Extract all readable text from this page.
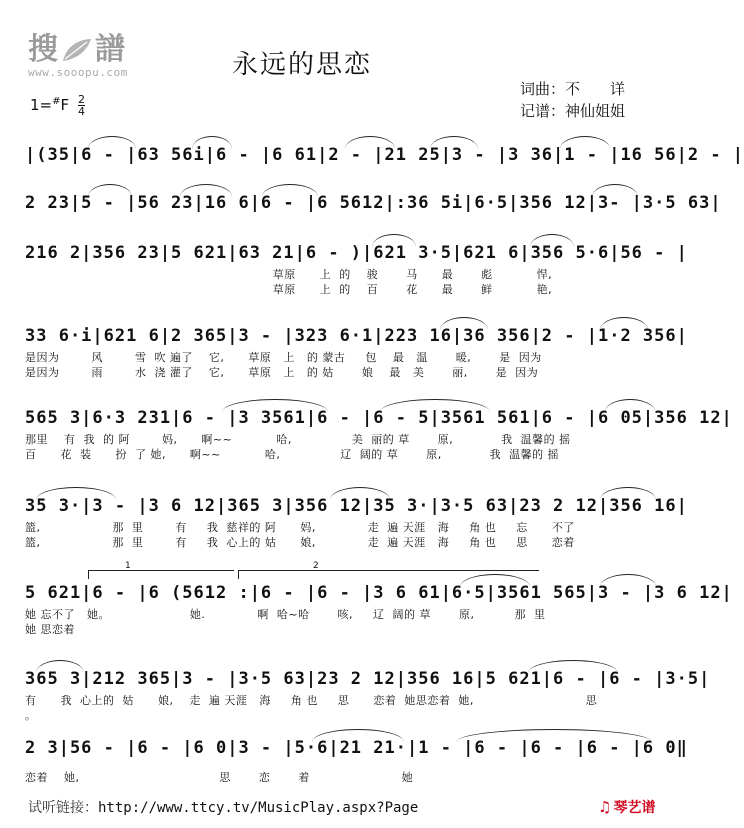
搜 譜
www.sooopu.com	永远的思恋
词曲：不　　详
记谱：神仙姐姐
$1=^{\#}F \frac{2}{4}$
|(35|6 - |63 56i|6 - |6 61|2 - |21 25|3 - |3 36|1 - |16 56|2 - |
2 23|5 - |56 23|16 6|6 - |6 5612|:36 5i|6·5|356 12|3- |3·5 63|
216 2|356 23|5 621|63 21|6 - )|621 3·5|621 6|356 5·6|56 - |
草原      上  的    骏       马      最       彪           悍,
草原      上  的    百       花      最       鲜           艳,
33 6·i|621 6|2 365|3 - |323 6·1|223 16|36 356|2 - |1·2 356|
是因为        风        雪  吹 遍了    它,      草原   上   的 蒙古     包    最   温       暖,       是  因为
是因为        雨        水  浇 灌了    它,      草原   上   的 姑       娘    最   美       丽,       是  因为
565 3|6·3 231|6 - |3 3561|6 - |6 - 5|3561 561|6 - |6 05|356 12|
那里    有  我  的 阿        妈,      啊~~           哈,               美  丽的 草       原,            我  温馨的 摇
百      花  装      扮  了 她,      啊~~           哈,               辽  阔的 草       原,            我  温馨的 摇
35 3·|3 - |3 6 12|365 3|356 12|35 3·|3·5 63|23 2 12|356 16|
篮,                  那  里        有     我  慈祥的 阿      妈,             走  遍 天涯   海     角 也     忘      不了
篮,                  那  里        有     我  心上的 姑      娘,             走  遍 天涯   海     角 也     思      恋着
1	2
5 621|6 - |6 (5612 :|6 - |6 - |3 6 61|6·5|3561 565|3 - |3 6 12|
她 忘不了   她。                    她.             啊  哈~哈       咳,     辽  阔的 草       原,          那  里
她 思恋着
365 3|212 365|3 - |3·5 63|23 2 12|356 16|5 621|6 - |6 - |3·5|
有      我  心上的  姑      娘,    走  遍 天涯   海     角 也     思      恋着  她思恋着  她,                            思
。
2 3|56 - |6 - |6 0|3 - |5·6|21 21·|1 - |6 - |6 - |6 - |6 0‖
恋着    她,                                   思       恋       着                       她
试听链接：http://www.ttcy.tv/MusicPlay.aspx?Page	♫ 琴艺谱
